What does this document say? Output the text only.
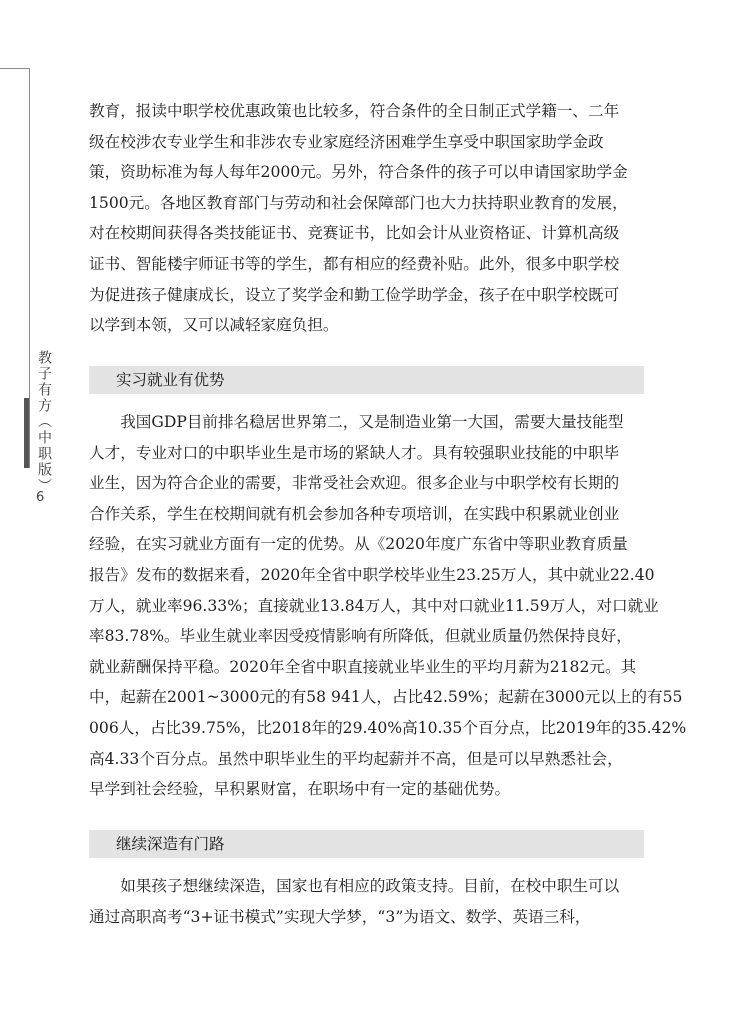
教子有方（中职版）
6
教育，报读中职学校优惠政策也比较多，符合条件的全日制正式学籍一、二年
级在校涉农专业学生和非涉农专业家庭经济困难学生享受中职国家助学金政
策，资助标准为每人每年2000元。另外，符合条件的孩子可以申请国家助学金
1500元。各地区教育部门与劳动和社会保障部门也大力扶持职业教育的发展，
对在校期间获得各类技能证书、竞赛证书，比如会计从业资格证、计算机高级
证书、智能楼宇师证书等的学生，都有相应的经费补贴。此外，很多中职学校
为促进孩子健康成长，设立了奖学金和勤工俭学助学金，孩子在中职学校既可
以学到本领，又可以减轻家庭负担。
实习就业有优势
我国GDP目前排名稳居世界第二，又是制造业第一大国，需要大量技能型
人才，专业对口的中职毕业生是市场的紧缺人才。具有较强职业技能的中职毕
业生，因为符合企业的需要，非常受社会欢迎。很多企业与中职学校有长期的
合作关系，学生在校期间就有机会参加各种专项培训，在实践中积累就业创业
经验，在实习就业方面有一定的优势。从《2020年度广东省中等职业教育质量
报告》发布的数据来看，2020年全省中职学校毕业生23.25万人，其中就业22.40
万人，就业率96.33%；直接就业13.84万人，其中对口就业11.59万人，对口就业
率83.78%。毕业生就业率因受疫情影响有所降低，但就业质量仍然保持良好，
就业薪酬保持平稳。2020年全省中职直接就业毕业生的平均月薪为2182元。其
中，起薪在2001~3000元的有58 941人，占比42.59%；起薪在3000元以上的有55
006人，占比39.75%，比2018年的29.40%高10.35个百分点，比2019年的35.42%
高4.33个百分点。虽然中职毕业生的平均起薪并不高，但是可以早熟悉社会，
早学到社会经验，早积累财富，在职场中有一定的基础优势。
继续深造有门路
如果孩子想继续深造，国家也有相应的政策支持。目前，在校中职生可以
通过高职高考“3+证书模式”实现大学梦，“3”为语文、数学、英语三科，
